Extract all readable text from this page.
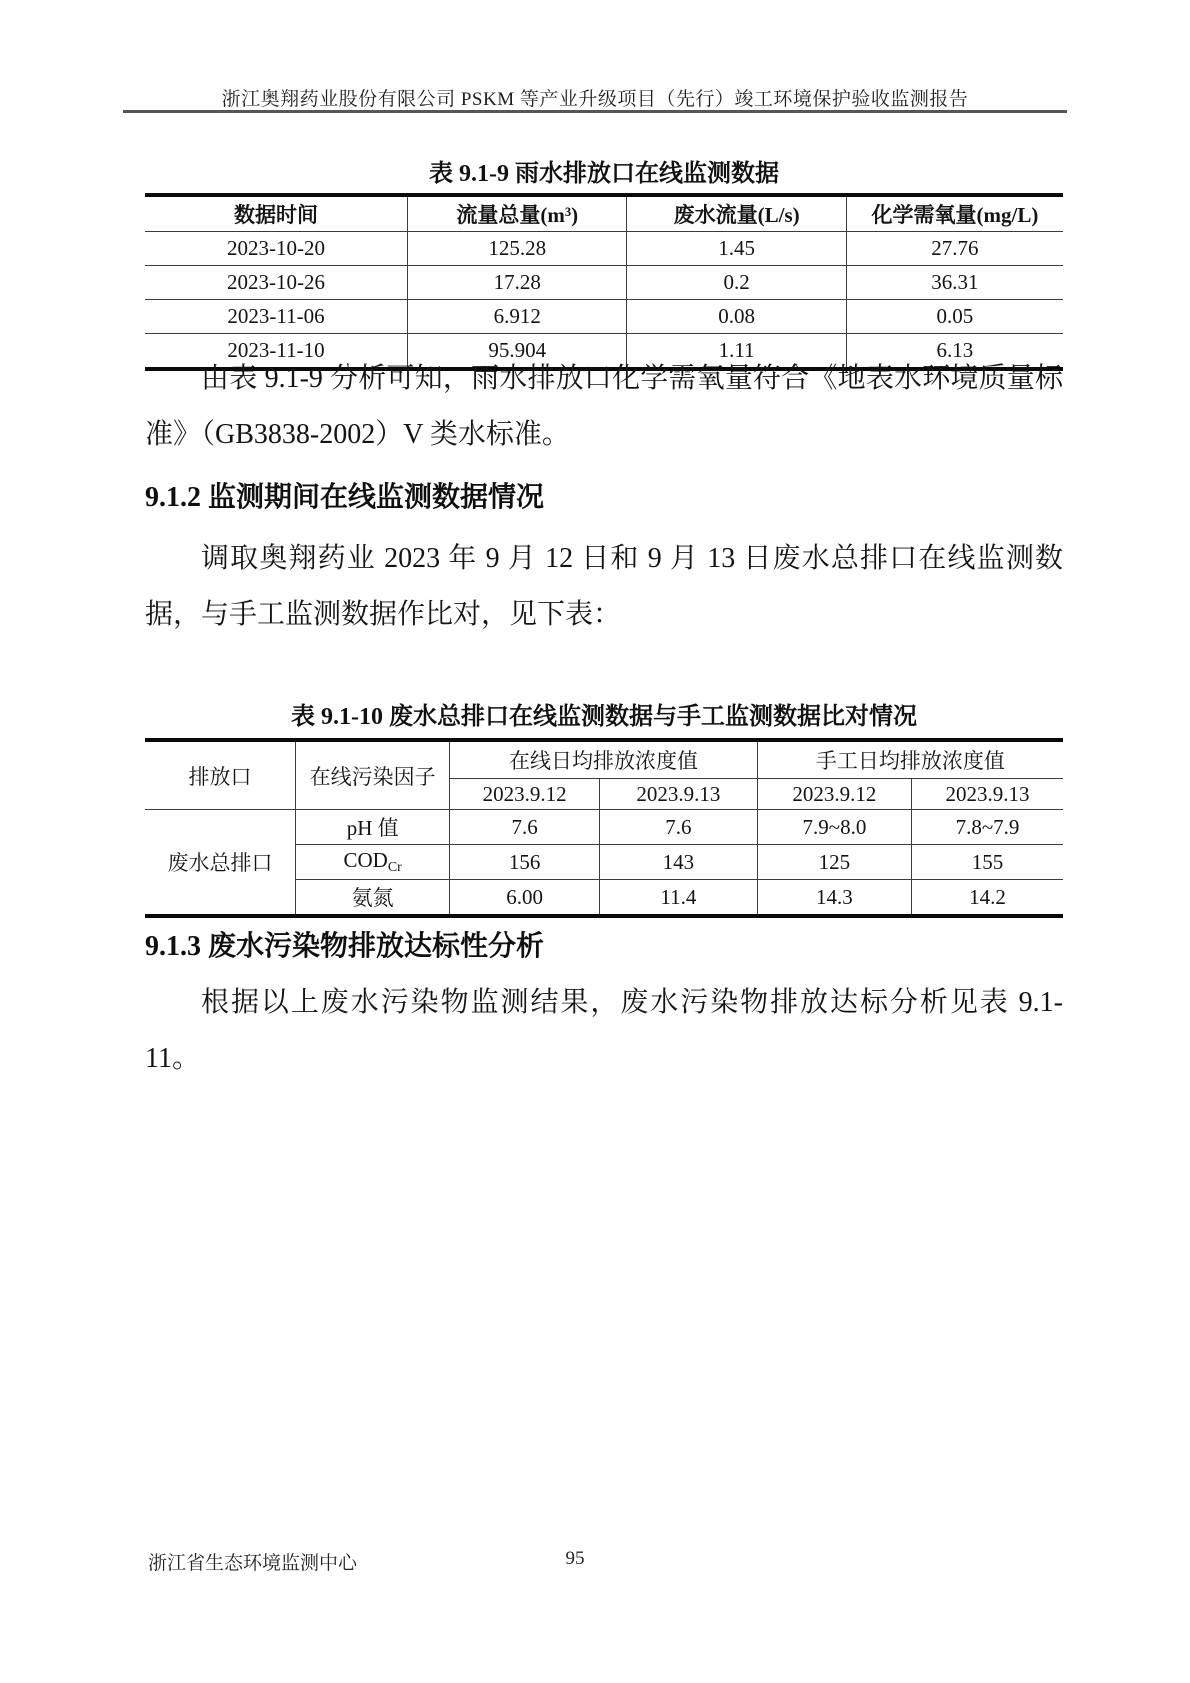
浙江奥翔药业股份有限公司 PSKM 等产业升级项目（先行）竣工环境保护验收监测报告
表 9.1-9 雨水排放口在线监测数据
数据时间	流量总量(m³)	废水流量(L/s)	化学需氧量(mg/L)
2023-10-20	125.28	1.45	27.76
2023-10-26	17.28	0.2	36.31
2023-11-06	6.912	0.08	0.05
2023-11-10	95.904	1.11	6.13
由表 9.1-9 分析可知，雨水排放口化学需氧量符合《地表水环境质量标准》（GB3838-2002）V 类水标准。
9.1.2 监测期间在线监测数据情况
调取奥翔药业 2023 年 9 月 12 日和 9 月 13 日废水总排口在线监测数据，与手工监测数据作比对，见下表：
表 9.1-10 废水总排口在线监测数据与手工监测数据比对情况
排放口	在线污染因子	在线日均排放浓度值		手工日均排放浓度值	
		2023.9.12	2023.9.13	2023.9.12	2023.9.13
废水总排口	pH 值	7.6	7.6	7.9~8.0	7.8~7.9
	$COD_{Cr}$	156	143	125	155
	氨氮	6.00	11.4	14.3	14.2
9.1.3 废水污染物排放达标性分析
根据以上废水污染物监测结果，废水污染物排放达标分析见表 9.1-11。
浙江省生态环境监测中心	95
